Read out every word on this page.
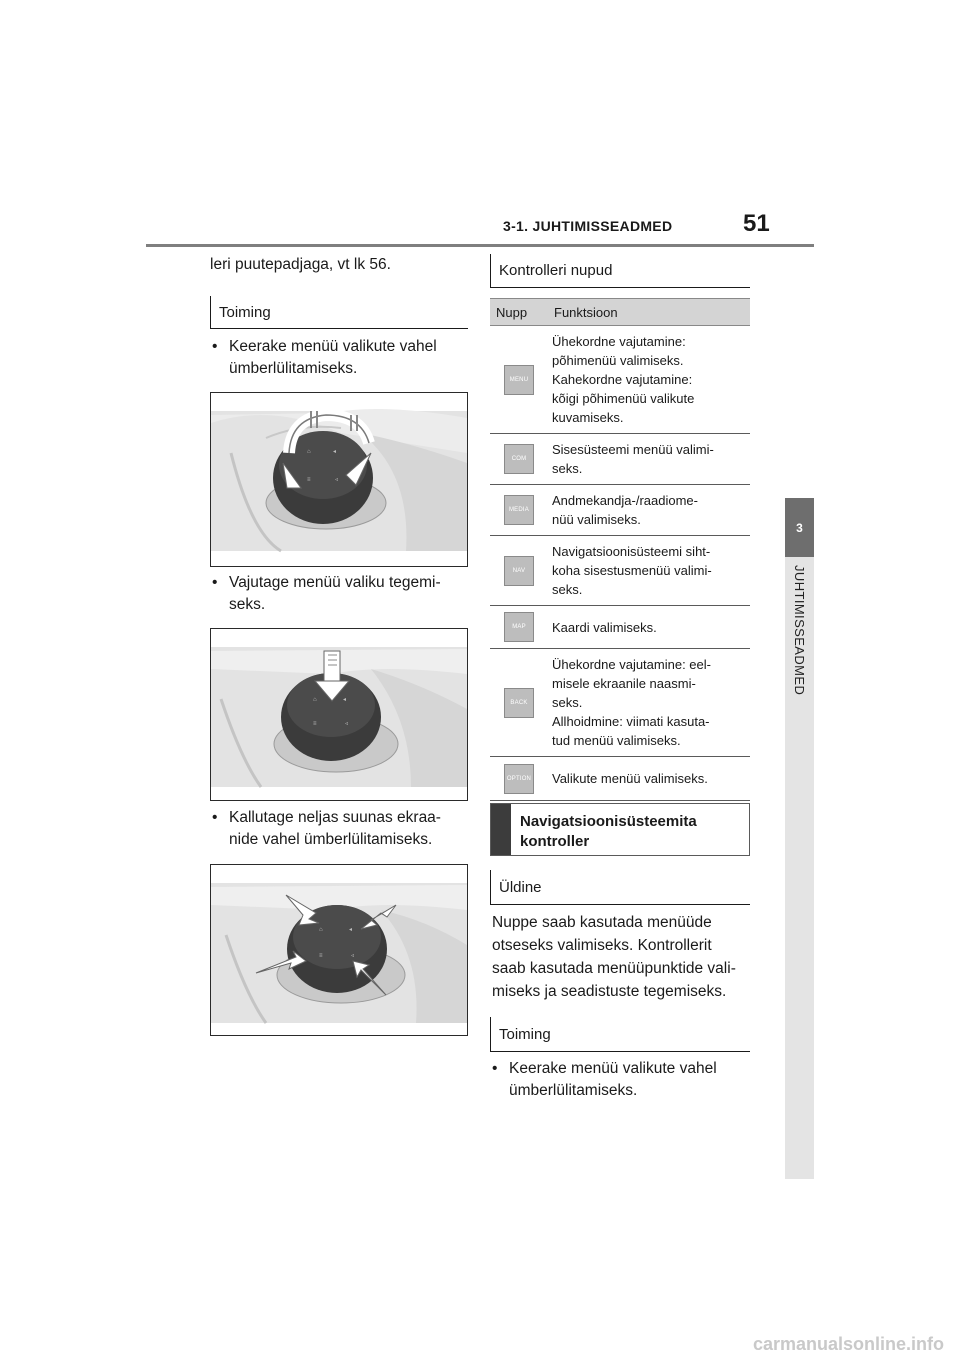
3-1. JUHTIMISSEADMED	51
3
JUHTIMISSEADMED
leri puutepadjaga, vt lk 56.
Toiming
• Keerake menüü valikute vahel
ümberlülitamiseks.
⌂	◂
≡	◃
• Vajutage menüü valiku tegemi-
seks.
⌂	◂
≡	◃
• Kallutage neljas suunas ekraa-
nide vahel ümberlülitamiseks.
⌂	◂
≡	◃
Kontrolleri nupud
Nupp	Funktsioon
MENU	Ühekordne vajutamine:
põhimenüü valimiseks.
Kahekordne vajutamine:
kõigi põhimenüü valikute
kuvamiseks.

COM	Sisesüsteemi menüü valimi-
seks.

MEDIA	Andmekandja-/raadiome-
nüü valimiseks.

NAV	Navigatsioonisüsteemi siht-
koha sisestusmenüü valimi-
seks.

MAP	Kaardi valimiseks.

BACK	Ühekordne vajutamine: eel-
misele ekraanile naasmi-
seks.
Allhoidmine: viimati kasuta-
tud menüü valimiseks.

OPTION	Valikute menüü valimiseks.
Navigatsioonisüsteemita
kontroller
Üldine
Nuppe saab kasutada menüüde
otseseks valimiseks. Kontrollerit
saab kasutada menüüpunktide vali-
miseks ja seadistuste tegemiseks.
Toiming
• Keerake menüü valikute vahel
ümberlülitamiseks.
carmanualsonline.info
